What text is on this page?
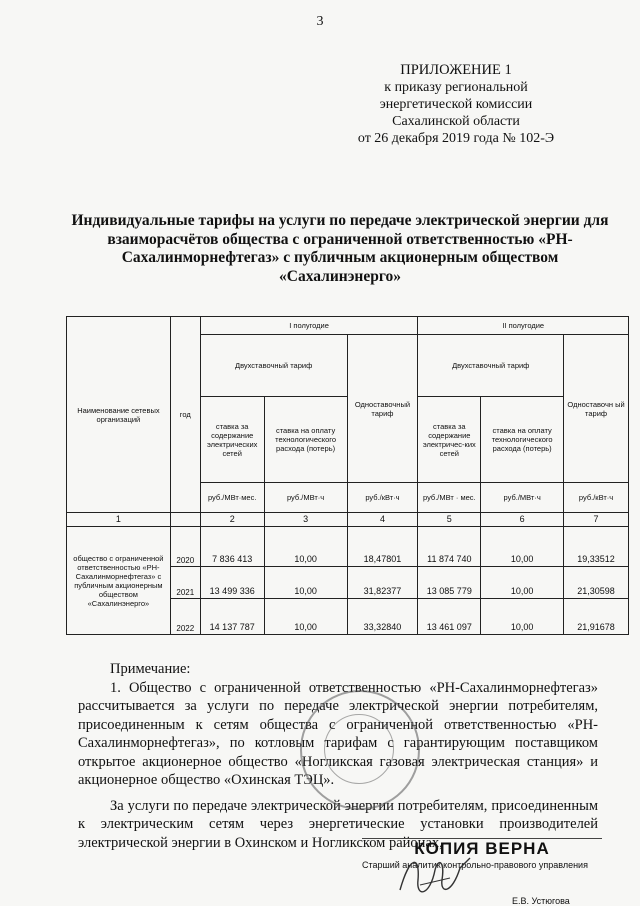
3
ПРИЛОЖЕНИЕ 1
к приказу региональной
энергетической комиссии
Сахалинской области
от 26 декабря 2019 года № 102-Э
Индивидуальные тарифы на услуги по передаче электрической энергии для взаиморасчётов общества с ограниченной ответственностью «РН-Сахалинморнефтегаз» с публичным акционерным обществом «Сахалинэнерго»
Наименование сетевых организаций	год	I полугодие			II полугодие		
		Двухставочный тариф		Одноставочный тариф	Двухставочный тариф		Одноставочн ый тариф
		ставка за содержание электрических сетей	ставка на оплату технологического расхода (потерь)		ставка за содержание электричес-ких сетей	ставка на оплату технологического расхода (потерь)	
		руб./МВт·мес.	руб./МВт·ч	руб./кВт·ч	руб./МВт · мес.	руб./МВт·ч	руб./кВт·ч
1		2	3	4	5	6	7
общество с ограниченной ответственностью «РН-Сахалинморнефтегаз» с публичным акционерным обществом «Сахалинэнерго»	2020	7 836 413	10,00	18,47801	11 874 740	10,00	19,33512
	2021	13 499 336	10,00	31,82377	13 085 779	10,00	21,30598
	2022	14 137 787	10,00	33,32840	13 461 097	10,00	21,91678

Примечание:

1. Общество с ограниченной ответственностью «РН-Сахалинморнефтегаз» рассчитывается за услуги по передаче электрической энергии потребителям, присоединенным к сетям общества с ограниченной ответственностью «РН-Сахалинморнефтегаз», по котловым тарифам с гарантирующим поставщиком открытое акционерное общество «Ногликская газовая электрическая станция» и акционерное общество «Охинская ТЭЦ».

За услуги по передаче электрической энергии потребителям, присоединенным к электрическим сетям через энергетические установки производителей электрической энергии в Охинском и Ногликском районах,

КОПИЯ ВЕРНА
Старший аналитик контрольно-правового управления
Е.В. Устюгова
